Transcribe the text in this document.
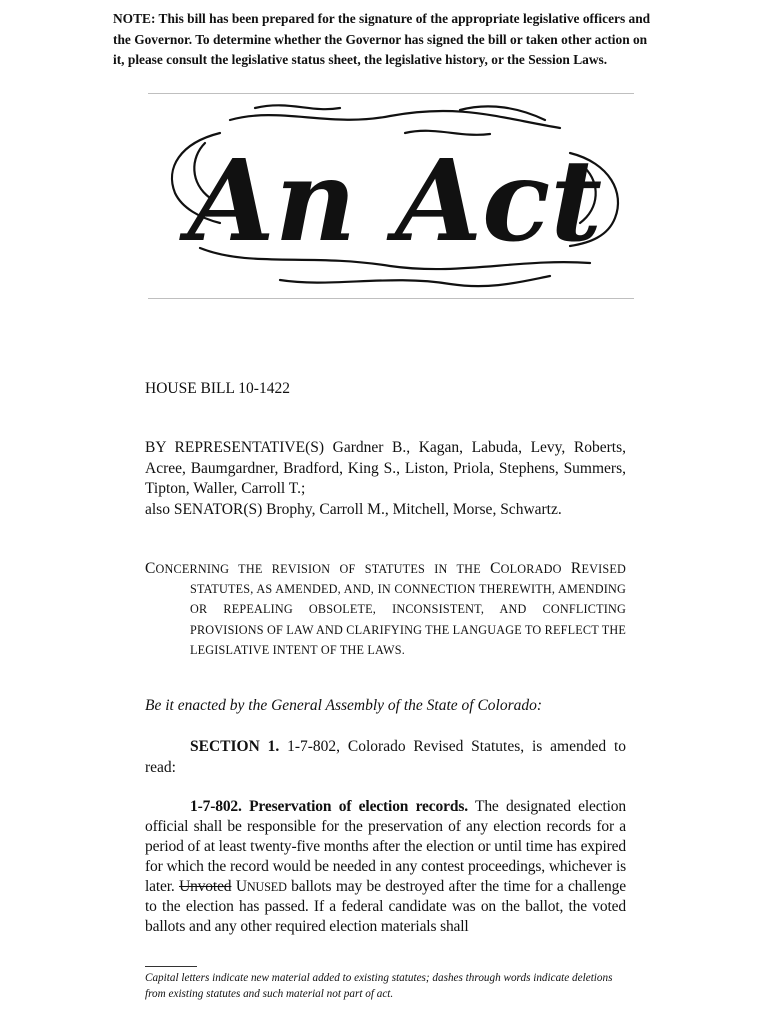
NOTE: This bill has been prepared for the signature of the appropriate legislative officers and the Governor. To determine whether the Governor has signed the bill or taken other action on it, please consult the legislative status sheet, the legislative history, or the Session Laws.
An Act
HOUSE BILL 10-1422
BY REPRESENTATIVE(S) Gardner B., Kagan, Labuda, Levy, Roberts, Acree, Baumgardner, Bradford, King S., Liston, Priola, Stephens, Summers, Tipton, Waller, Carroll T.;
also SENATOR(S) Brophy, Carroll M., Mitchell, Morse, Schwartz.
CONCERNING THE REVISION OF STATUTES IN THE COLORADO REVISED STATUTES, AS AMENDED, AND, IN CONNECTION THEREWITH, AMENDING OR REPEALING OBSOLETE, INCONSISTENT, AND CONFLICTING PROVISIONS OF LAW AND CLARIFYING THE LANGUAGE TO REFLECT THE LEGISLATIVE INTENT OF THE LAWS.
Be it enacted by the General Assembly of the State of Colorado:
SECTION 1. 1-7-802, Colorado Revised Statutes, is amended to read:
1-7-802. Preservation of election records. The designated election official shall be responsible for the preservation of any election records for a period of at least twenty-five months after the election or until time has expired for which the record would be needed in any contest proceedings, whichever is later. Unvoted UNUSED ballots may be destroyed after the time for a challenge to the election has passed. If a federal candidate was on the ballot, the voted ballots and any other required election materials shall
Capital letters indicate new material added to existing statutes; dashes through words indicate deletions from existing statutes and such material not part of act.
